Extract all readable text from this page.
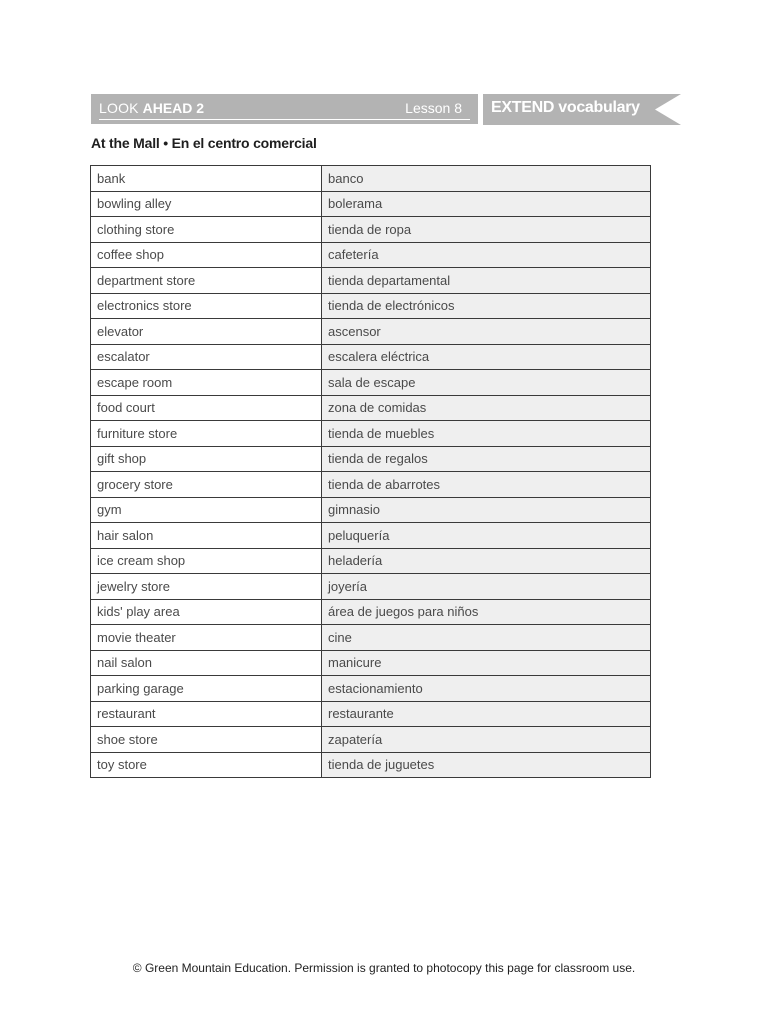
LOOK AHEAD 2	Lesson 8 EXTEND vocabulary
At the Mall • En el centro comercial
bank	banco
bowling alley	bolerama
clothing store	tienda de ropa
coffee shop	cafetería
department store	tienda departamental
electronics store	tienda de electrónicos
elevator	ascensor
escalator	escalera eléctrica
escape room	sala de escape
food court	zona de comidas
furniture store	tienda de muebles
gift shop	tienda de regalos
grocery store	tienda de abarrotes
gym	gimnasio
hair salon	peluquería
ice cream shop	heladería
jewelry store	joyería
kids' play area	área de juegos para niños
movie theater	cine
nail salon	manicure
parking garage	estacionamiento
restaurant	restaurante
shoe store	zapatería
toy store	tienda de juguetes
© Green Mountain Education. Permission is granted to photocopy this page for classroom use.
